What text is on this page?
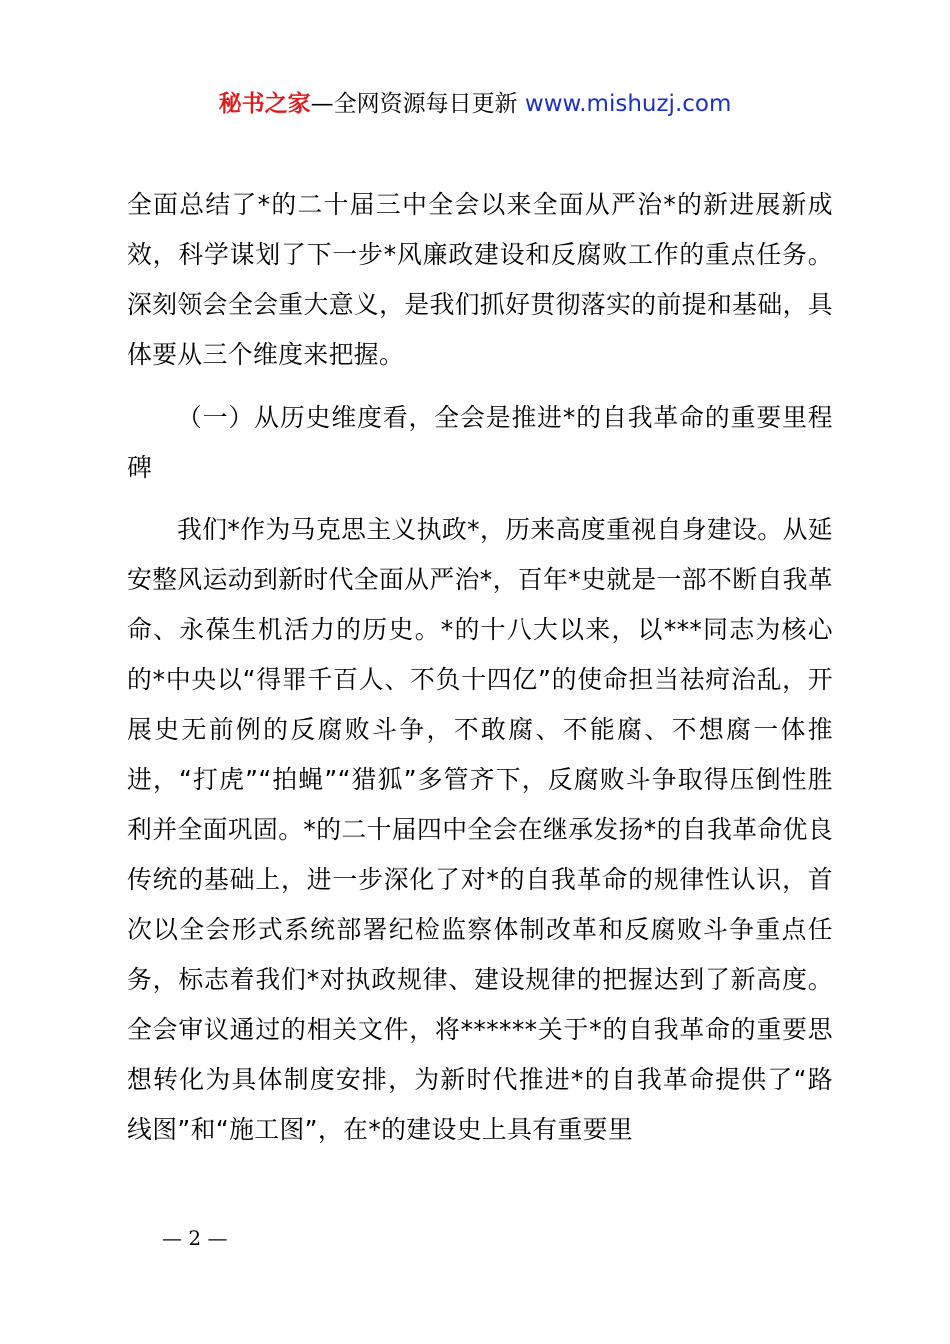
秘书之家—全网资源每日更新 www.mishuzj.com

全面总结了*的二十届三中全会以来全面从严治*的新进展新成效，科学谋划了下一步*风廉政建设和反腐败工作的重点任务。深刻领会全会重大意义，是我们抓好贯彻落实的前提和基础，具体要从三个维度来把握。

（一）从历史维度看，全会是推进*的自我革命的重要里程碑

我们*作为马克思主义执政*，历来高度重视自身建设。从延安整风运动到新时代全面从严治*，百年*史就是一部不断自我革命、永葆生机活力的历史。*的十八大以来，以***同志为核心的*中央以“得罪千百人、不负十四亿”的使命担当祛疴治乱，开展史无前例的反腐败斗争，不敢腐、不能腐、不想腐一体推进，“打虎”“拍蝇”“猎狐”多管齐下，反腐败斗争取得压倒性胜利并全面巩固。*的二十届四中全会在继承发扬*的自我革命优良传统的基础上，进一步深化了对*的自我革命的规律性认识，首次以全会形式系统部署纪检监察体制改革和反腐败斗争重点任务，标志着我们*对执政规律、建设规律的把握达到了新高度。全会审议通过的相关文件，将******关于*的自我革命的重要思想转化为具体制度安排，为新时代推进*的自我革命提供了“路线图”和“施工图”，在*的建设史上具有重要里

— 2 —
